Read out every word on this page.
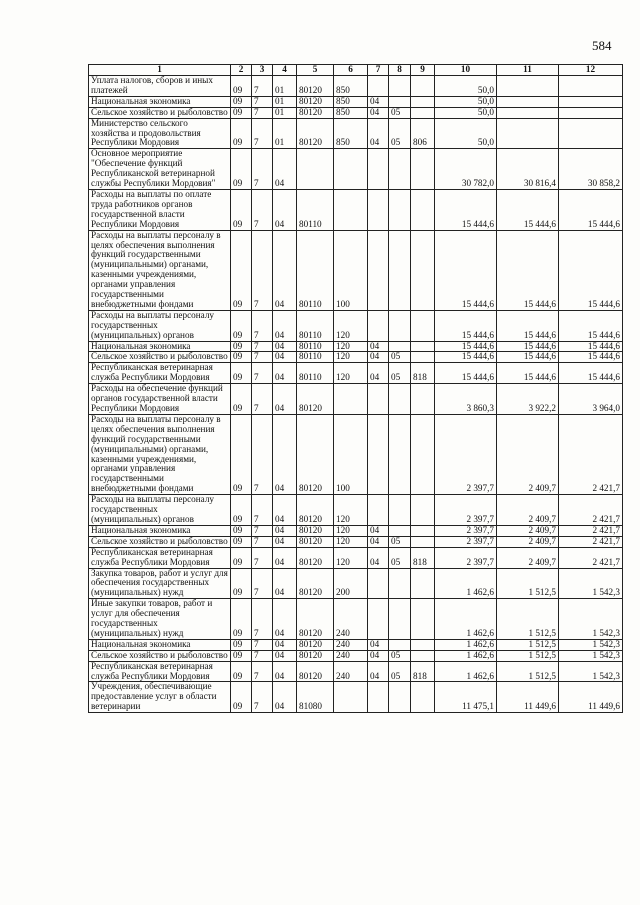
584
1	2	3	4	5	6	7	8	9	10	11	12
Уплата налогов, сборов и иных платежей	09	7	01	80120	850				50,0		
Национальная экономика	09	7	01	80120	850	04			50,0		
Сельское хозяйство и рыболовство	09	7	01	80120	850	04	05		50,0		
Министерство сельского хозяйства и продовольствия Республики Мордовия	09	7	01	80120	850	04	05	806	50,0		
Основное мероприятие "Обеспечение функций Республиканской ветеринарной службы Республики Мордовия"	09	7	04						30 782,0	30 816,4	30 858,2
Расходы на выплаты по оплате труда работников органов государственной власти Республики Мордовия	09	7	04	80110					15 444,6	15 444,6	15 444,6
Расходы на выплаты персоналу в целях обеспечения выполнения функций государственными (муниципальными) органами, казенными учреждениями, органами управления государственными внебюджетными фондами	09	7	04	80110	100				15 444,6	15 444,6	15 444,6
Расходы на выплаты персоналу государственных (муниципальных) органов	09	7	04	80110	120				15 444,6	15 444,6	15 444,6
Национальная экономика	09	7	04	80110	120	04			15 444,6	15 444,6	15 444,6
Сельское хозяйство и рыболовство	09	7	04	80110	120	04	05		15 444,6	15 444,6	15 444,6
Республиканская ветеринарная служба Республики Мордовия	09	7	04	80110	120	04	05	818	15 444,6	15 444,6	15 444,6
Расходы на обеспечение функций органов государственной власти Республики Мордовия	09	7	04	80120					3 860,3	3 922,2	3 964,0
Расходы на выплаты персоналу в целях обеспечения выполнения функций государственными (муниципальными) органами, казенными учреждениями, органами управления государственными внебюджетными фондами	09	7	04	80120	100				2 397,7	2 409,7	2 421,7
Расходы на выплаты персоналу государственных (муниципальных) органов	09	7	04	80120	120				2 397,7	2 409,7	2 421,7
Национальная экономика	09	7	04	80120	120	04			2 397,7	2 409,7	2 421,7
Сельское хозяйство и рыболовство	09	7	04	80120	120	04	05		2 397,7	2 409,7	2 421,7
Республиканская ветеринарная служба Республики Мордовия	09	7	04	80120	120	04	05	818	2 397,7	2 409,7	2 421,7
Закупка товаров, работ и услуг для обеспечения государственных (муниципальных) нужд	09	7	04	80120	200				1 462,6	1 512,5	1 542,3
Иные закупки товаров, работ и услуг для обеспечения государственных (муниципальных) нужд	09	7	04	80120	240				1 462,6	1 512,5	1 542,3
Национальная экономика	09	7	04	80120	240	04			1 462,6	1 512,5	1 542,3
Сельское хозяйство и рыболовство	09	7	04	80120	240	04	05		1 462,6	1 512,5	1 542,3
Республиканская ветеринарная служба Республики Мордовия	09	7	04	80120	240	04	05	818	1 462,6	1 512,5	1 542,3
Учреждения, обеспечивающие предоставление услуг в области ветеринарии	09	7	04	81080					11 475,1	11 449,6	11 449,6
